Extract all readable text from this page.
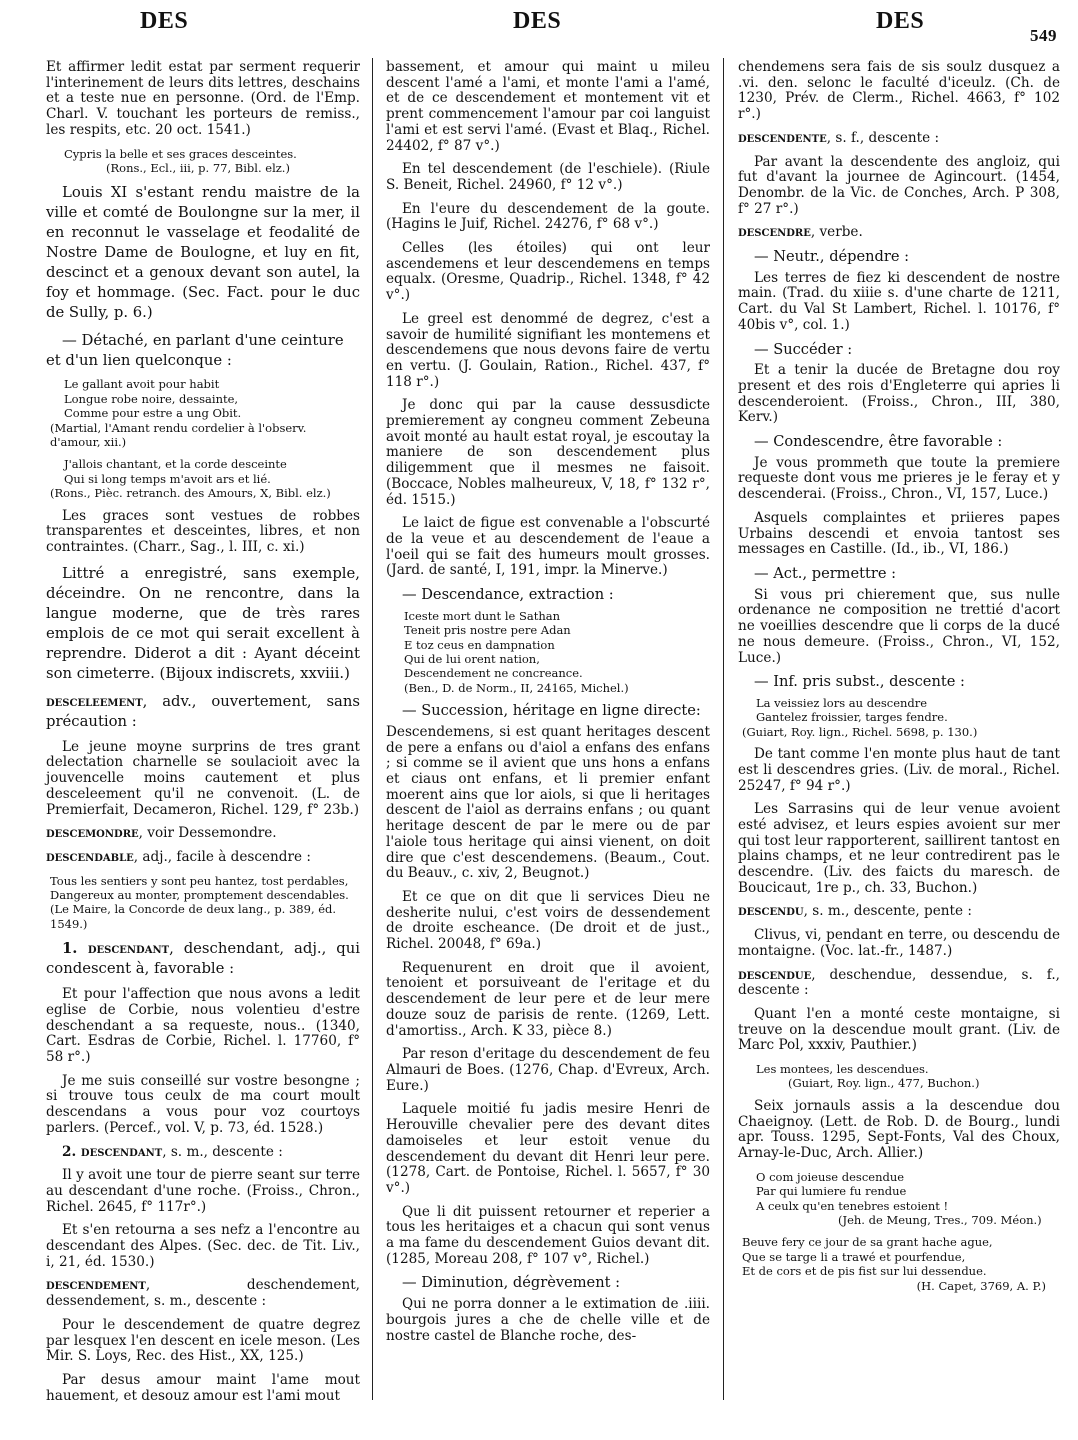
DES	DES	DES
549

Et affirmer ledit estat par serment requerir l'interinement de leurs dits lettres, deschains et a teste nue en personne. (Ord. de l'Emp. Charl. V. touchant les porteurs de remiss., les respits, etc. 20 oct. 1541.)

Cypris la belle et ses graces desceintes.
(Rons., Ecl., iii, p. 77, Bibl. elz.)

Louis XI s'estant rendu maistre de la ville et comté de Boulongne sur la mer, il en reconnut le vasselage et feodalité de Nostre Dame de Boulogne, et luy en fit, descinct et a genoux devant son autel, la foy et hommage. (Sec. Fact. pour le duc de Sully, p. 6.)

— Détaché, en parlant d'une ceinture et d'un lien quelconque :

Le gallant avoit pour habit
Longue robe noire, dessainte,
Comme pour estre a ung Obit.
(Martial, l'Amant rendu cordelier à l'observ. d'amour, xii.)
J'allois chantant, et la corde desceinte
Qui si long temps m'avoit ars et lié.
(Rons., Pièc. retranch. des Amours, X, Bibl. elz.)

Les graces sont vestues de robbes transparentes et desceintes, libres, et non contraintes. (Charr., Sag., l. III, c. xi.)

Littré a enregistré, sans exemple, déceindre. On ne rencontre, dans la langue moderne, que de très rares emplois de ce mot qui serait excellent à reprendre. Diderot a dit : Ayant déceint son cimeterre. (Bijoux indiscrets, xxviii.)

desceleement, adv., ouvertement, sans précaution :

Le jeune moyne surprins de tres grant delectation charnelle se soulacioit avec la jouvencelle moins cautement et plus desceleement qu'il ne convenoit. (L. de Premierfait, Decameron, Richel. 129, f° 23b.)

descemondre, voir Dessemondre.

descendable, adj., facile à descendre :

Tous les sentiers y sont peu hantez, tost perdables, Dangereux au monter, promptement descendables.
(Le Maire, la Concorde de deux lang., p. 389, éd. 1549.)

1. descendant, deschendant, adj., qui condescent à, favorable :

Et pour l'affection que nous avons a ledit eglise de Corbie, nous volentieu d'estre deschendant a sa requeste, nous.. (1340, Cart. Esdras de Corbie, Richel. l. 17760, f° 58 r°.)

Je me suis conseillé sur vostre besongne ; si trouve tous ceulx de ma court moult descendans a vous pour voz courtoys parlers. (Percef., vol. V, p. 73, éd. 1528.)

2. descendant, s. m., descente :

Il y avoit une tour de pierre seant sur terre au descendant d'une roche. (Froiss., Chron., Richel. 2645, f° 117r°.)

Et s'en retourna a ses nefz a l'encontre au descendant des Alpes. (Sec. dec. de Tit. Liv., i, 21, éd. 1530.)

descendement, deschendement, dessendement, s. m., descente :

Pour le descendement de quatre degrez par lesquex l'en descent en icele meson. (Les Mir. S. Loys, Rec. des Hist., XX, 125.)

Par desus amour maint l'ame mout hauement, et desouz amour est l'ami mout

bassement, et amour qui maint u mileu descent l'amé a l'ami, et monte l'ami a l'amé, et de ce descendement et montement vit et prent commencement l'amour par coi languist l'ami et est servi l'amé. (Evast et Blaq., Richel. 24402, f° 87 v°.)

En tel descendement (de l'eschiele). (Riule S. Beneit, Richel. 24960, f° 12 v°.)

En l'eure du descendement de la goute. (Hagins le Juif, Richel. 24276, f° 68 v°.)

Celles (les étoiles) qui ont leur ascendemens et leur descendemens en temps equalx. (Oresme, Quadrip., Richel. 1348, f° 42 v°.)

Le greel est denommé de degrez, c'est a savoir de humilité signifiant les montemens et descendemens que nous devons faire de vertu en vertu. (J. Goulain, Ration., Richel. 437, f° 118 r°.)

Je donc qui par la cause dessusdicte premierement ay congneu comment Zebeuna avoit monté au hault estat royal, je escoutay la maniere de son descendement plus diligemment que il mesmes ne faisoit. (Boccace, Nobles malheureux, V, 18, f° 132 r°, éd. 1515.)

Le laict de figue est convenable a l'obscurté de la veue et au descendement de l'eaue a l'oeil qui se fait des humeurs moult grosses. (Jard. de santé, I, 191, impr. la Minerve.)

— Descendance, extraction :

Iceste mort dunt le Sathan
Teneit pris nostre pere Adan
E toz ceus en dampnation
Qui de lui orent nation,
Descendement ne concreance.
(Ben., D. de Norm., II, 24165, Michel.)

— Succession, héritage en ligne directe:

Descendemens, si est quant heritages descent de pere a enfans ou d'aiol a enfans des enfans ; si comme se il avient que uns hons a enfans et ciaus ont enfans, et li premier enfant moerent ains que lor aiols, si que li heritages descent de l'aiol as derrains enfans ; ou quant heritage descent de par le mere ou de par l'aiole tous heritage qui ainsi vienent, on doit dire que c'est descendemens. (Beaum., Cout. du Beauv., c. xiv, 2, Beugnot.)

Et ce que on dit que li services Dieu ne desherite nului, c'est voirs de dessendement de droite escheance. (De droit et de just., Richel. 20048, f° 69a.)

Requenurent en droit que il avoient, tenoient et porsuiveant de l'eritage et du descendement de leur pere et de leur mere douze souz de parisis de rente. (1269, Lett. d'amortiss., Arch. K 33, pièce 8.)

Par reson d'eritage du descendement de feu Almauri de Boes. (1276, Chap. d'Evreux, Arch. Eure.)

Laquele moitié fu jadis mesire Henri de Herouville chevalier pere des devant dites damoiseles et leur estoit venue du descendement du devant dit Henri leur pere. (1278, Cart. de Pontoise, Richel. l. 5657, f° 30 v°.)

Que li dit puissent retourner et reperier a tous les heritaiges et a chacun qui sont venus a ma fame du descendement Guios devant dit. (1285, Moreau 208, f° 107 v°, Richel.)

— Diminution, dégrèvement :

Qui ne porra donner a le extimation de .iiii. bourgois jures a che de chelle ville et de nostre castel de Blanche roche, des-

chendemens sera fais de sis soulz dusquez a .vi. den. selonc le faculté d'iceulz. (Ch. de 1230, Prév. de Clerm., Richel. 4663, f° 102 r°.)

descendente, s. f., descente :

Par avant la descendente des angloiz, qui fut d'avant la journee de Agincourt. (1454, Denombr. de la Vic. de Conches, Arch. P 308, f° 27 r°.)

descendre, verbe.

— Neutr., dépendre :

Les terres de fiez ki descendent de nostre main. (Trad. du xiiie s. d'une charte de 1211, Cart. du Val St Lambert, Richel. l. 10176, f° 40bis v°, col. 1.)

— Succéder :

Et a tenir la ducée de Bretagne dou roy present et des rois d'Engleterre qui apries li descenderoient. (Froiss., Chron., III, 380, Kerv.)

— Condescendre, être favorable :

Je vous prommeth que toute la premiere requeste dont vous me prieres je le feray et y descenderai. (Froiss., Chron., VI, 157, Luce.)

Asquels complaintes et priieres papes Urbains descendi et envoia tantost ses messages en Castille. (Id., ib., VI, 186.)

— Act., permettre :

Si vous pri chierement que, sus nulle ordenance ne composition ne trettié d'acort ne voeillies descendre que li corps de la ducé ne nous demeure. (Froiss., Chron., VI, 152, Luce.)

— Inf. pris subst., descente :

La veissiez lors au descendre
Gantelez froissier, targes fendre.
(Guiart, Roy. lign., Richel. 5698, p. 130.)

De tant comme l'en monte plus haut de tant est li descendres gries. (Liv. de moral., Richel. 25247, f° 94 r°.)

Les Sarrasins qui de leur venue avoient esté advisez, et leurs espies avoient sur mer qui tost leur rapporterent, saillirent tantost en plains champs, et ne leur contredirent pas le descendre. (Liv. des faicts du maresch. de Boucicaut, 1re p., ch. 33, Buchon.)

descendu, s. m., descente, pente :

Clivus, vi, pendant en terre, ou descendu de montaigne. (Voc. lat.-fr., 1487.)

descendue, deschendue, dessendue, s. f., descente :

Quant l'en a monté ceste montaigne, si treuve on la descendue moult grant. (Liv. de Marc Pol, xxxiv, Pauthier.)

Les montees, les descendues.
(Guiart, Roy. lign., 477, Buchon.)

Seix jornauls assis a la descendue dou Chaeignoy. (Lett. de Rob. D. de Bourg., lundi apr. Touss. 1295, Sept-Fonts, Val des Choux, Arnay-le-Duc, Arch. Allier.)

O com joieuse descendue
Par qui lumiere fu rendue
A ceulx qu'en tenebres estoient !
(Jeh. de Meung, Tres., 709. Méon.)
Beuve fery ce jour de sa grant hache ague,
Que se targe li a trawé et pourfendue,
Et de cors et de pis fist sur lui dessendue.
(H. Capet, 3769, A. P.)
